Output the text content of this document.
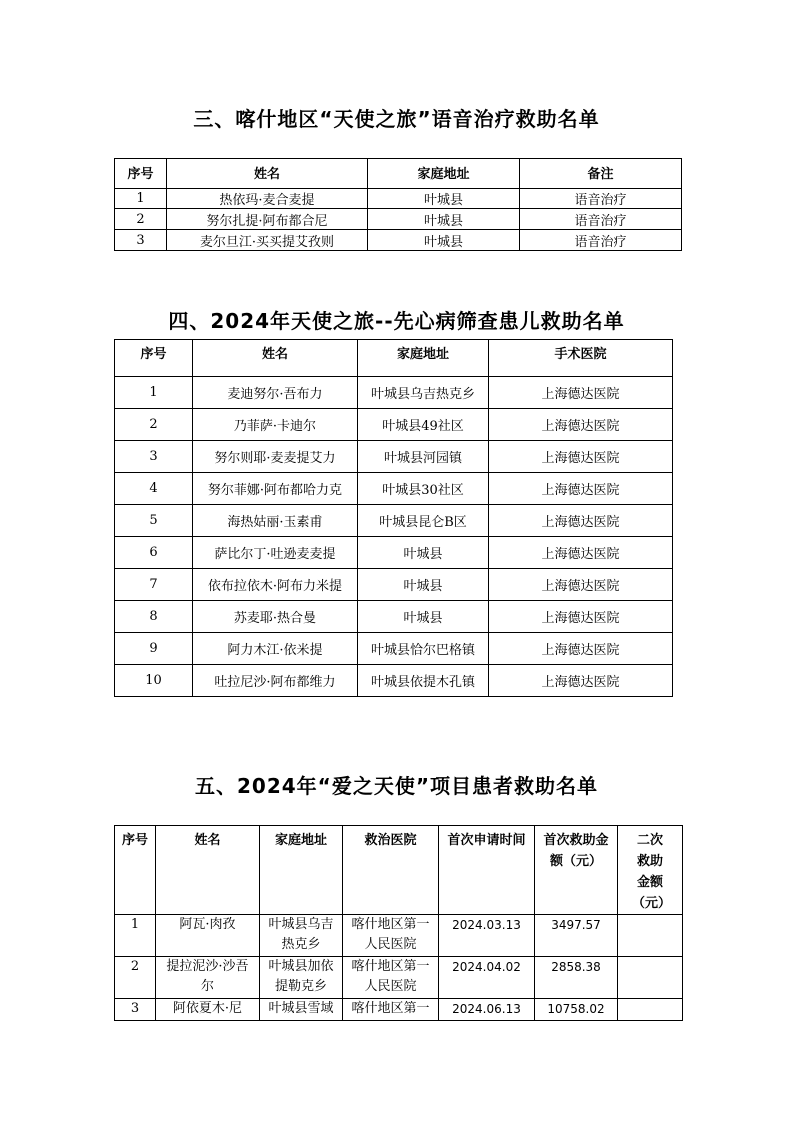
三、喀什地区“天使之旅”语音治疗救助名单
序号	姓名	家庭地址	备注
1	热依玛·麦合麦提	叶城县	语音治疗
2	努尔扎提·阿布都合尼	叶城县	语音治疗
3	麦尔旦江·买买提艾孜则	叶城县	语音治疗
四、2024年天使之旅--先心病筛查患儿救助名单
序号	姓名	家庭地址	手术医院
1	麦迪努尔·吾布力	叶城县乌吉热克乡	上海德达医院
2	乃菲萨·卡迪尔	叶城县49社区	上海德达医院
3	努尔则耶·麦麦提艾力	叶城县河园镇	上海德达医院
4	努尔菲娜·阿布都哈力克	叶城县30社区	上海德达医院
5	海热姑丽·玉素甫	叶城县昆仑B区	上海德达医院
6	萨比尔丁·吐逊麦麦提	叶城县	上海德达医院
7	依布拉依木·阿布力米提	叶城县	上海德达医院
8	苏麦耶·热合曼	叶城县	上海德达医院
9	阿力木江·依米提	叶城县恰尔巴格镇	上海德达医院
10	吐拉尼沙·阿布都维力	叶城县依提木孔镇	上海德达医院
五、2024年“爱之天使”项目患者救助名单
序号	姓名	家庭地址	救治医院	首次申请时间	首次救助金额（元）	二次救助金额（元）
1	阿瓦·肉孜	叶城县乌吉热克乡	喀什地区第一人民医院	2024.03.13	3497.57	
2	提拉泥沙·沙吾尔	叶城县加依提勒克乡	喀什地区第一人民医院	2024.04.02	2858.38	
3	阿依夏木·尼	叶城县雪域	喀什地区第一	2024.06.13	10758.02	
